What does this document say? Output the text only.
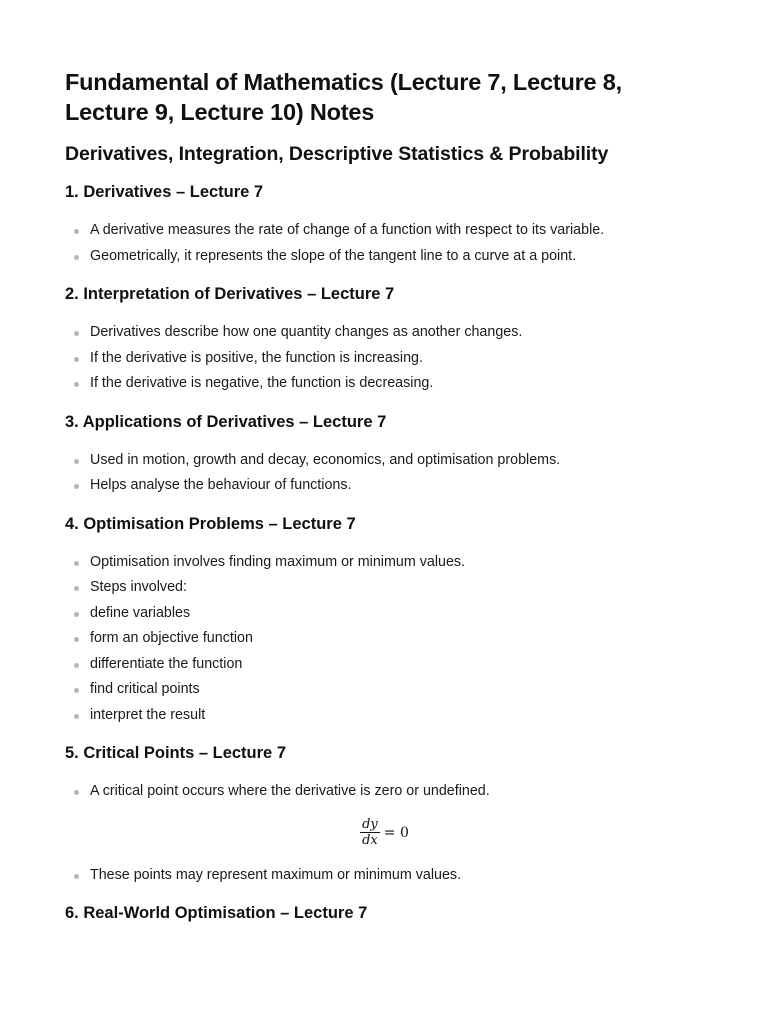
Fundamental of Mathematics (Lecture 7, Lecture 8, Lecture 9, Lecture 10) Notes
Derivatives, Integration, Descriptive Statistics & Probability
1. Derivatives – Lecture 7
A derivative measures the rate of change of a function with respect to its variable.
Geometrically, it represents the slope of the tangent line to a curve at a point.
2. Interpretation of Derivatives – Lecture 7
Derivatives describe how one quantity changes as another changes.
If the derivative is positive, the function is increasing.
If the derivative is negative, the function is decreasing.
3. Applications of Derivatives – Lecture 7
Used in motion, growth and decay, economics, and optimisation problems.
Helps analyse the behaviour of functions.
4. Optimisation Problems – Lecture 7
Optimisation involves finding maximum or minimum values.
Steps involved:
define variables
form an objective function
differentiate the function
find critical points
interpret the result
5. Critical Points – Lecture 7
A critical point occurs where the derivative is zero or undefined.
$\frac{dy}{dx} = 0$
These points may represent maximum or minimum values.
6. Real-World Optimisation – Lecture 7
